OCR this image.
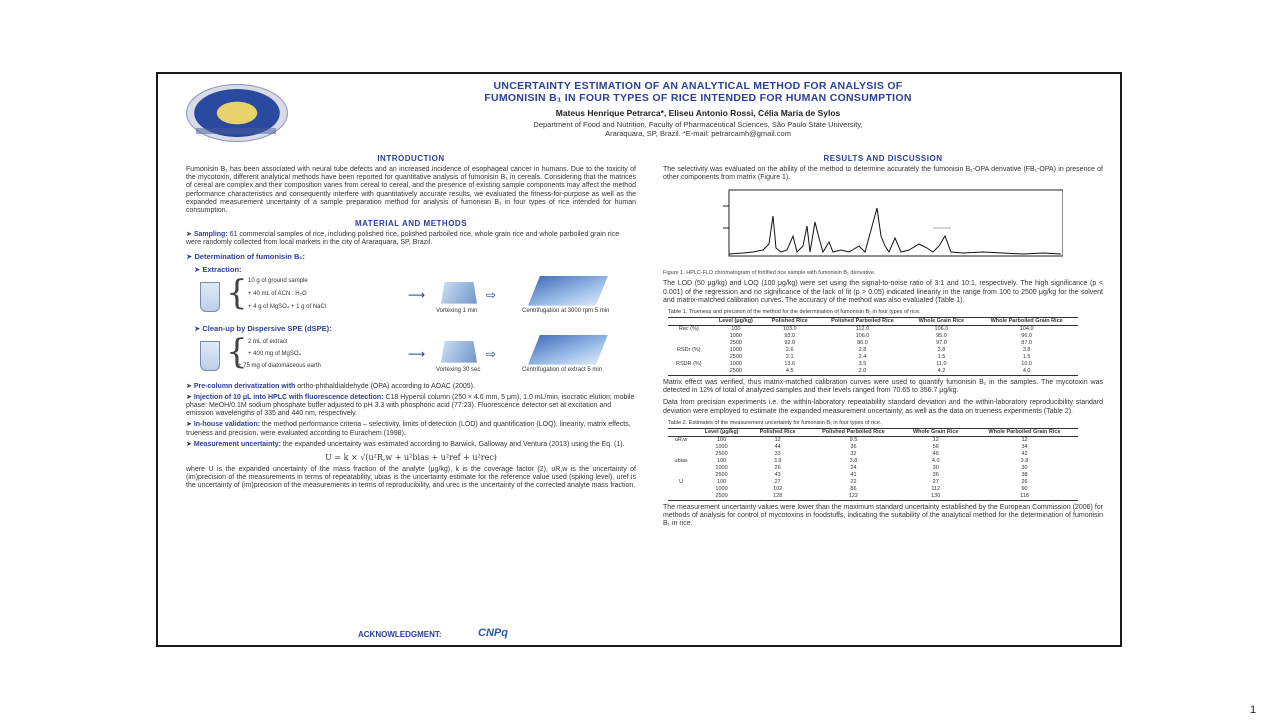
UNCERTAINTY ESTIMATION OF AN ANALYTICAL METHOD FOR ANALYSIS OF
FUMONISIN B₁ IN FOUR TYPES OF RICE INTENDED FOR HUMAN CONSUMPTION
Mateus Henrique Petrarca*, Eliseu Antonio Rossi, Célia Maria de Sylos
Department of Food and Nutrition, Faculty of Pharmaceutical Sciences, São Paulo State University,
Araraquara, SP, Brazil. *E-mail: petrarcamh@gmail.com
INTRODUCTION
Fumonisin B₁ has been associated with neural tube defects and an increased incidence of esophageal cancer in humans. Due to the toxicity of the mycotoxin, different analytical methods have been reported for quantitative analysis of fumonisin B₁ in cereals. Considering that the matrices of cereal are complex and their composition varies from cereal to cereal, and the presence of existing sample components may affect the method performance characteristics and consequently interfere with quantitatively accurate results, we evaluated the fitness-for-purpose as well as the expanded measurement uncertainty of a sample preparation method for analysis of fumonisin B₁ in four types of rice intended for human consumption.
MATERIAL AND METHODS
➤ Sampling: 61 commercial samples of rice, including polished rice, polished parboiled rice, whole grain rice and whole parboiled grain rice were randomly collected from local markets in the city of Araraquara, SP, Brazil.
➤ Determination of fumonisin B₁:
➤ Extraction:
{ 10 g of ground sample
+ 40 mL of ACN : H₂O
+ 4 g of MgSO₄ + 1 g of NaCl
⟶
Vortexing 1 min
⇨
Centrifugation at 3000 rpm 5 min
➤ Clean-up by Dispersive SPE (dSPE):
{ 2 mL of extract
+ 400 mg of MgSO₄
+ 75 mg of diatomaceous earth
⟶
Vortexing 30 sec
⇨
Centrifugation of extract 5 min
➤ Pre-column derivatization with ortho-phthaldialdehyde (OPA) according to AOAC (2005).
➤ Injection of 10 μL into HPLC with fluorescence detection: C18 Hypersil column (250 × 4.6 mm, 5 μm), 1.0 mL/min, isocratic elution; mobile phase: MeOH/0.1M sodium phosphate buffer adjusted to pH 3.3 with phosphoric acid (77:23). Fluorescence detector set at excitation and emission wavelengths of 335 and 440 nm, respectively.
➤ In-house validation: the method performance criteria – selectivity, limits of detection (LOD) and quantification (LOQ), linearity, matrix effects, trueness and precision, were evaluated according to Eurachem (1998).
➤ Measurement uncertainty: the expanded uncertainty was estimated according to Barwick, Galloway and Ventura (2013) using the Eq. (1).
U = k × √(u²R,w + u²bias + u²ref + u²rec)
where U is the expanded uncertainty of the mass fraction of the analyte (μg/kg), k is the coverage factor (2), uR,w is the uncertainty of (im)precision of the measurements in terms of repeatability, ubias is the uncertainty estimate for the reference value used (spiking level), uref is the uncertainty of (im)precision of the measurements in terms of reproducibility, and urec is the uncertainty of the corrected analyte mass fraction.
RESULTS AND DISCUSSION
The selectivity was evaluated on the ability of the method to determine accurately the fumonisin B₁-OPA derivative (FB₁-OPA) in presence of other components from matrix (Figure 1).
Figure 1. HPLC-FLD chromatogram of fortified rice sample with fumonisin B₁ derivative.
The LOD (50 μg/kg) and LOQ (100 μg/kg) were set using the signal-to-noise ratio of 3:1 and 10:1, respectively. The high significance (p < 0.001) of the regression and no significance of the lack of fit (p > 0.05) indicated linearity in the range from 100 to 2500 μg/kg for the solvent and matrix-matched calibration curves. The accuracy of the method was also evaluated (Table 1).
Table 1. Trueness and precision of the method for the determination of fumonisin B₁ in four types of rice.
	Level (μg/kg)	Polished Rice	Polished Parboiled Rice	Whole Grain Rice	Whole Parboiled Grain Rice
Rec (%)	100	103.0	112.0	106.0	104.0
	1000	93.0	106.0	95.0	96.0
	2500	92.0	86.0	97.0	87.0
RSDr (%)	1000	2.6	2.8	3.8	3.8
	2500	2.1	2.4	1.5	1.5
RSDR (%)	1000	13.6	3.5	11.0	10.0
	2500	4.5	2.0	4.2	4.0
Matrix effect was verified, thus matrix-matched calibration curves were used to quantify fumonisin B₁ in the samples. The mycotoxin was detected in 12% of total of analyzed samples and their levels ranged from 70.65 to 356.7 μg/kg.
Data from precision experiments i.e. the within-laboratory repeatability standard deviation and the within-laboratory reproducibility standard deviation were employed to estimate the expanded measurement uncertainty, as well as the data on trueness experiments (Table 2).
Table 2. Estimates of the measurement uncertainty for fumonisin B₁ in four types of rice.
	Level (μg/kg)	Polished Rice	Polished Parboiled Rice	Whole Grain Rice	Whole Parboiled Grain Rice
uR,w	100	12	9.5	12	12
	1000	44	36	56	34
	2500	33	32	46	42
ubias	100	3.9	3.8	4.0	3.8
	1000	26	24	30	30
	2500	43	41	36	38
U	100	27	22	27	26
	1000	102	86	112	90
	2500	128	122	130	118
The measurement uncertainty values were lower than the maximum standard uncertainty established by the European Commission (2006) for methods of analysis for control of mycotoxins in foodstuffs, indicating the suitability of the analytical method for the determination of fumonisin B₁ in rice.
ACKNOWLEDGMENT:	CNPq
1
